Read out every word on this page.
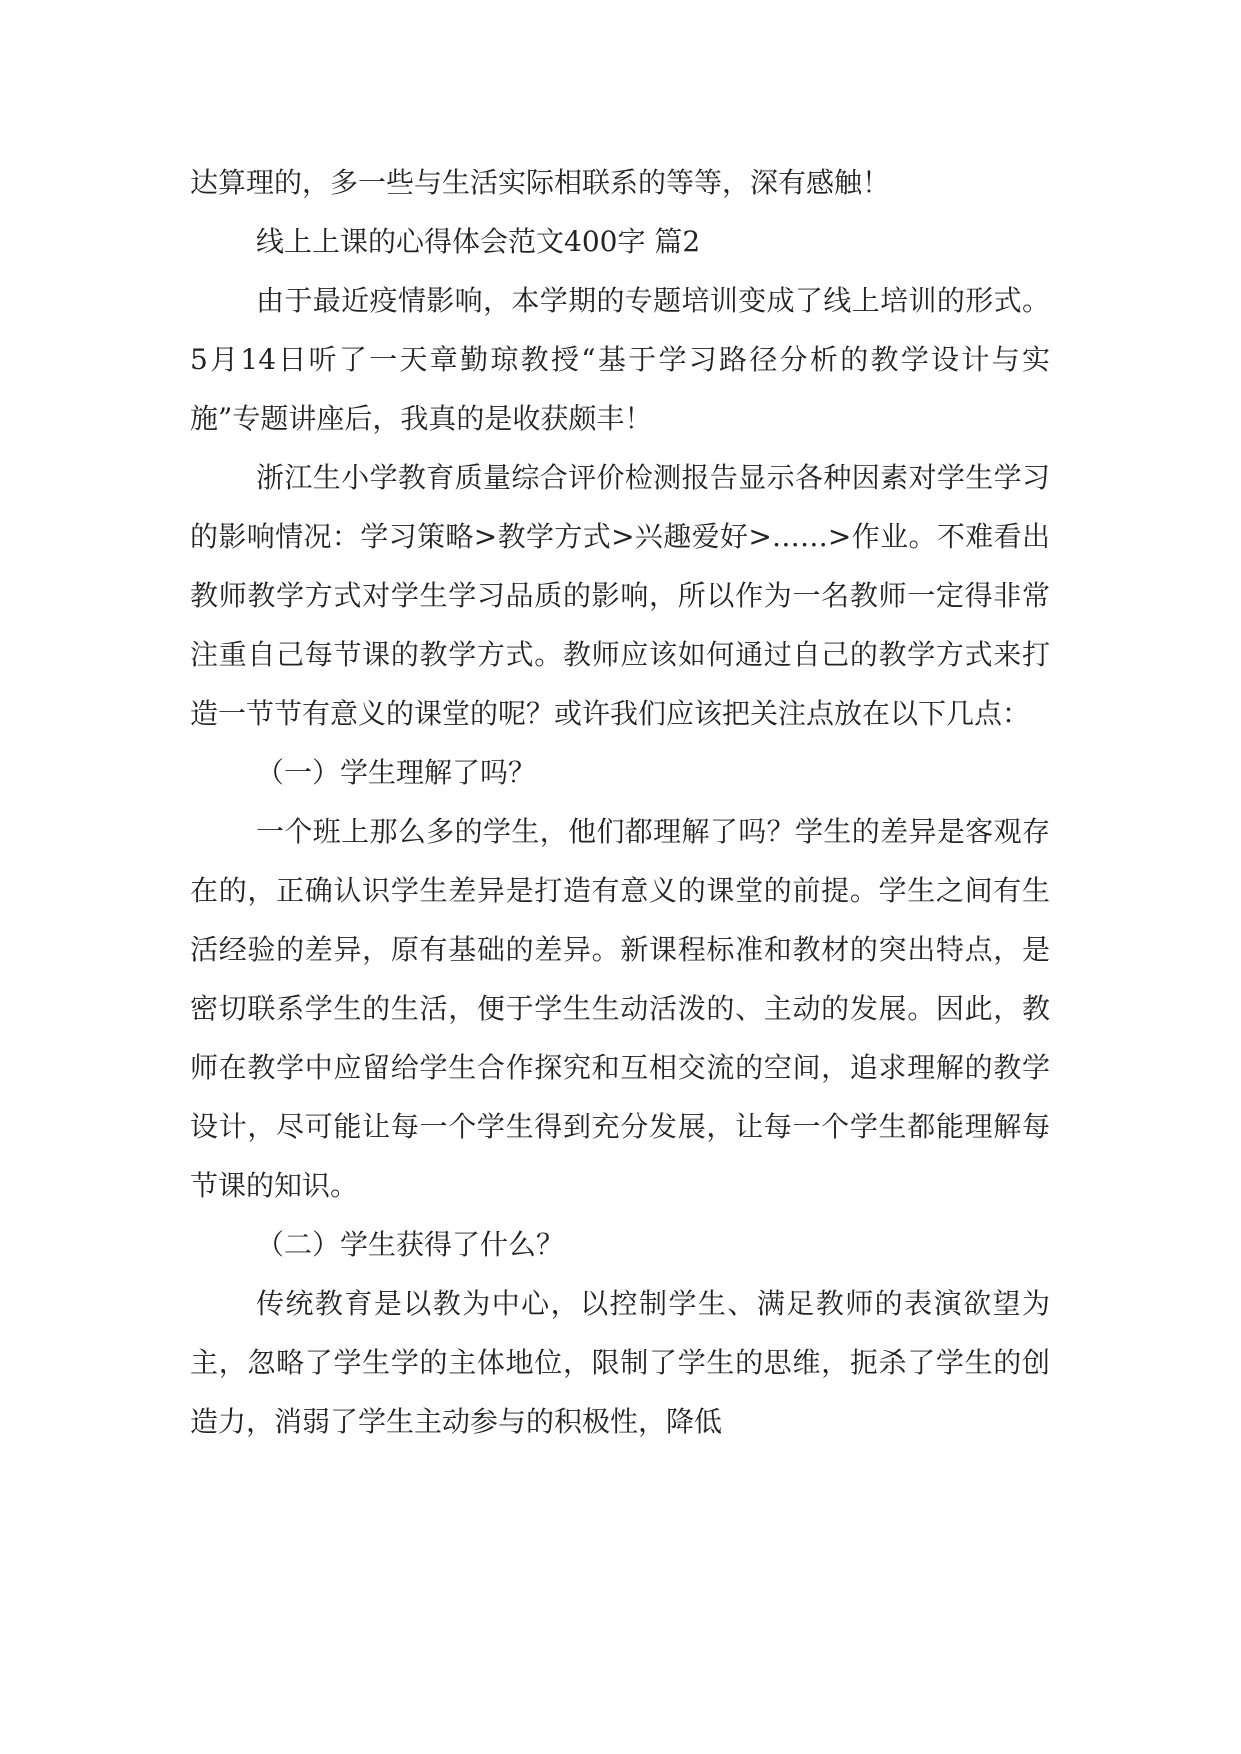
达算理的，多一些与生活实际相联系的等等，深有感触！

线上上课的心得体会范文400字 篇2

由于最近疫情影响，本学期的专题培训变成了线上培训的形式。5月14日听了一天章勤琼教授“基于学习路径分析的教学设计与实施”专题讲座后，我真的是收获颇丰！

浙江生小学教育质量综合评价检测报告显示各种因素对学生学习的影响情况：学习策略>教学方式>兴趣爱好>……>作业。不难看出教师教学方式对学生学习品质的影响，所以作为一名教师一定得非常注重自己每节课的教学方式。教师应该如何通过自己的教学方式来打造一节节有意义的课堂的呢？或许我们应该把关注点放在以下几点：

（一）学生理解了吗？

一个班上那么多的学生，他们都理解了吗？学生的差异是客观存在的，正确认识学生差异是打造有意义的课堂的前提。学生之间有生活经验的差异，原有基础的差异。新课程标准和教材的突出特点，是密切联系学生的生活，便于学生生动活泼的、主动的发展。因此，教师在教学中应留给学生合作探究和互相交流的空间，追求理解的教学设计，尽可能让每一个学生得到充分发展，让每一个学生都能理解每节课的知识。

（二）学生获得了什么？

传统教育是以教为中心，以控制学生、满足教师的表演欲望为主，忽略了学生学的主体地位，限制了学生的思维，扼杀了学生的创造力，消弱了学生主动参与的积极性，降低
